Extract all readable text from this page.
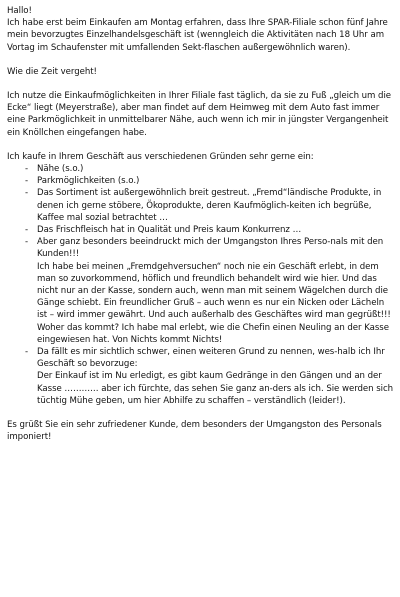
Hallo!

Ich habe erst beim Einkaufen am Montag erfahren, dass Ihre SPAR-Filiale schon fünf Jahre mein bevorzugtes Einzelhandelsgeschäft ist (wenngleich die Aktivitäten nach 18 Uhr am Vortag im Schaufenster mit umfallenden Sekt-flaschen außergewöhnlich waren).

Wie die Zeit vergeht!

Ich nutze die Einkaufmöglichkeiten in Ihrer Filiale fast täglich, da sie zu Fuß „gleich um die Ecke“ liegt (Meyerstraße), aber man findet auf dem Heimweg mit dem Auto fast immer eine Parkmöglichkeit in unmittelbarer Nähe, auch wenn ich mir in jüngster Vergangenheit ein Knöllchen eingefangen habe.

Ich kaufe in Ihrem Geschäft aus verschiedenen Gründen sehr gerne ein:

- Nähe (s.o.)
- Parkmöglichkeiten (s.o.)
- Das Sortiment ist außergewöhnlich breit gestreut. „Fremd“ländische Produkte, in denen ich gerne stöbere, Ökoprodukte, deren Kaufmöglich-keiten ich begrüße, Kaffee mal sozial betrachtet …
- Das Frischfleisch hat in Qualität und Preis kaum Konkurrenz …
- Aber ganz besonders beeindruckt mich der Umgangston Ihres Perso-nals mit den Kunden!!!
Ich habe bei meinen „Fremdgehversuchen“ noch nie ein Geschäft erlebt, in dem man so zuvorkommend, höflich und freundlich behandelt wird wie hier. Und das nicht nur an der Kasse, sondern auch, wenn man mit seinem Wägelchen durch die Gänge schiebt. Ein freundlicher Gruß – auch wenn es nur ein Nicken oder Lächeln ist – wird immer gewährt. Und auch außerhalb des Geschäftes wird man gegrüßt!!! Woher das kommt? Ich habe mal erlebt, wie die Chefin einen Neuling an der Kasse eingewiesen hat. Von Nichts kommt Nichts!
- Da fällt es mir sichtlich schwer, einen weiteren Grund zu nennen, wes-halb ich Ihr Geschäft so bevorzuge:
Der Einkauf ist im Nu erledigt, es gibt kaum Gedränge in den Gängen und an der Kasse ………… aber ich fürchte, das sehen Sie ganz an-ders als ich. Sie werden sich tüchtig Mühe geben, um hier Abhilfe zu schaffen – verständlich (leider!).

Es grüßt Sie ein sehr zufriedener Kunde, dem besonders der Umgangston des Personals imponiert!
